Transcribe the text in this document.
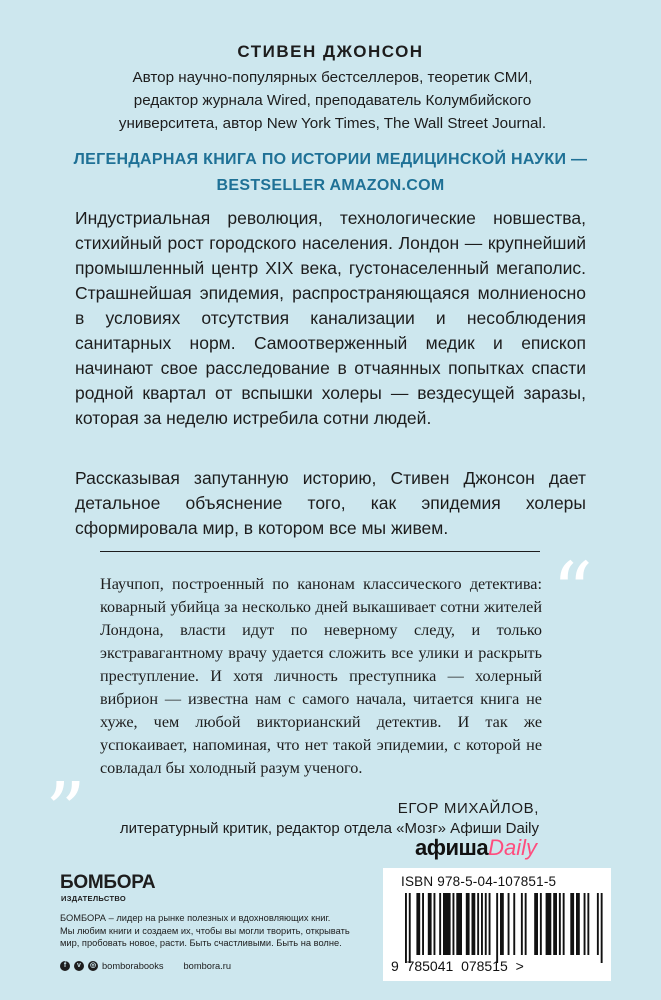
СТИВЕН ДЖОНСОН
Автор научно-популярных бестселлеров, теоретик СМИ,
редактор журнала Wired, преподаватель Колумбийского
университета, автор New York Times, The Wall Street Journal.
ЛЕГЕНДАРНАЯ КНИГА ПО ИСТОРИИ МЕДИЦИНСКОЙ НАУКИ —
BESTSELLER AMAZON.COM
Индустриальная революция, технологические новшества, стихийный рост городского населения. Лондон — крупнейший промышленный центр XIX века, густонаселенный мегаполис. Страшнейшая эпидемия, распространяющаяся молниеносно в условиях отсутствия канализации и несоблюдения санитарных норм. Самоотверженный медик и епископ начинают свое расследование в отчаянных попытках спасти родной квартал от вспышки холеры — вездесущей заразы, которая за неделю истребила сотни людей.
Рассказывая запутанную историю, Стивен Джонсон дает детальное объяснение того, как эпидемия холеры сформировала мир, в котором все мы живем.
“
Научпоп, построенный по канонам классического детектива: коварный убийца за несколько дней выкашивает сотни жителей Лондона, власти идут по неверному следу, и только экстравагантному врачу удается сложить все улики и раскрыть преступление. И хотя личность преступника — холерный вибрион — известна нам с самого начала, читается книга не хуже, чем любой викторианский детектив. И так же успокаивает, напоминая, что нет такой эпидемии, с которой не совладал бы холодный разум ученого.
”	ЕГОР МИХАЙЛОВ,
литературный критик, редактор отдела «Мозг» Афиши Daily
афишаDaily
БОМБОРА
ИЗДАТЕЛЬСТВО
БОМБОРА – лидер на рынке полезных и вдохновляющих книг.
Мы любим книги и создаем их, чтобы вы могли творить, открывать
мир, пробовать новое, расти. Быть счастливыми. Быть на волне.
f	v	◎ bomborabooks bombora.ru
ISBN 978-5-04-107851-5
9 785041 078515 >
